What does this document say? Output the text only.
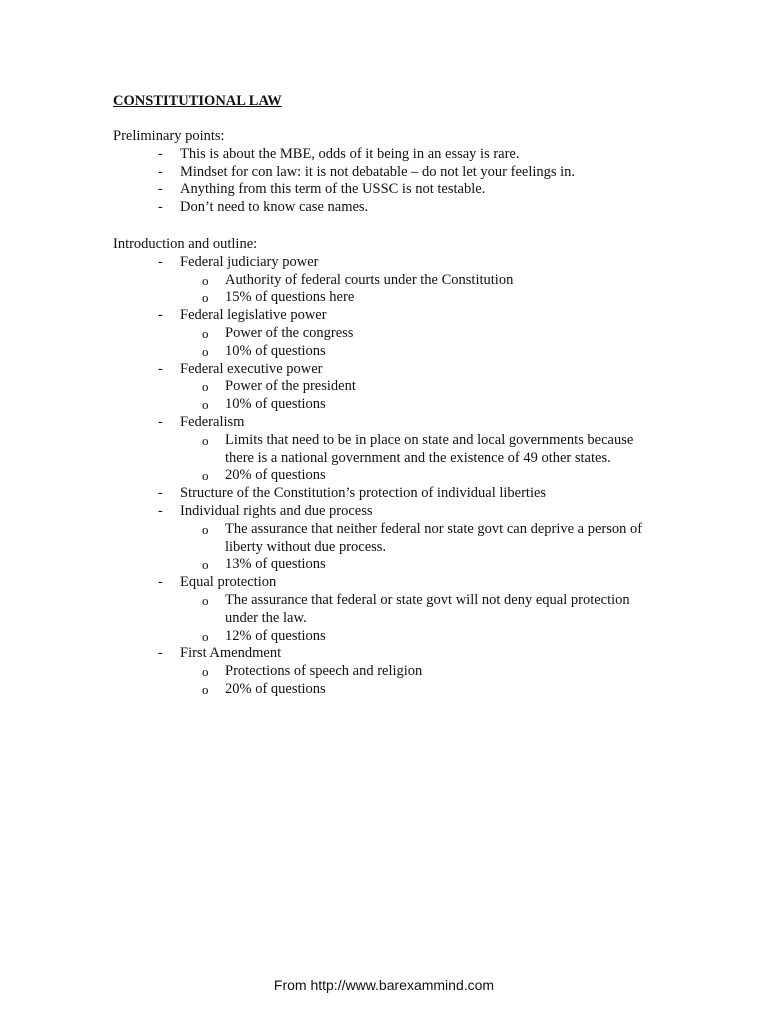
CONSTITUTIONAL LAW

Preliminary points:

- This is about the MBE, odds of it being in an essay is rare.
- Mindset for con law: it is not debatable – do not let your feelings in.
- Anything from this term of the USSC is not testable.
- Don’t need to know case names.

Introduction and outline:

- Federal judiciary power
o Authority of federal courts under the Constitution
o 15% of questions here
- Federal legislative power
o Power of the congress
o 10% of questions
- Federal executive power
o Power of the president
o 10% of questions
- Federalism
o Limits that need to be in place on state and local governments because there is a national government and the existence of 49 other states.
o 20% of questions
- Structure of the Constitution’s protection of individual liberties
- Individual rights and due process
o The assurance that neither federal nor state govt can deprive a person of liberty without due process.
o 13% of questions
- Equal protection
o The assurance that federal or state govt will not deny equal protection under the law.
o 12% of questions
- First Amendment
o Protections of speech and religion
o 20% of questions
From http://www.barexammind.com
